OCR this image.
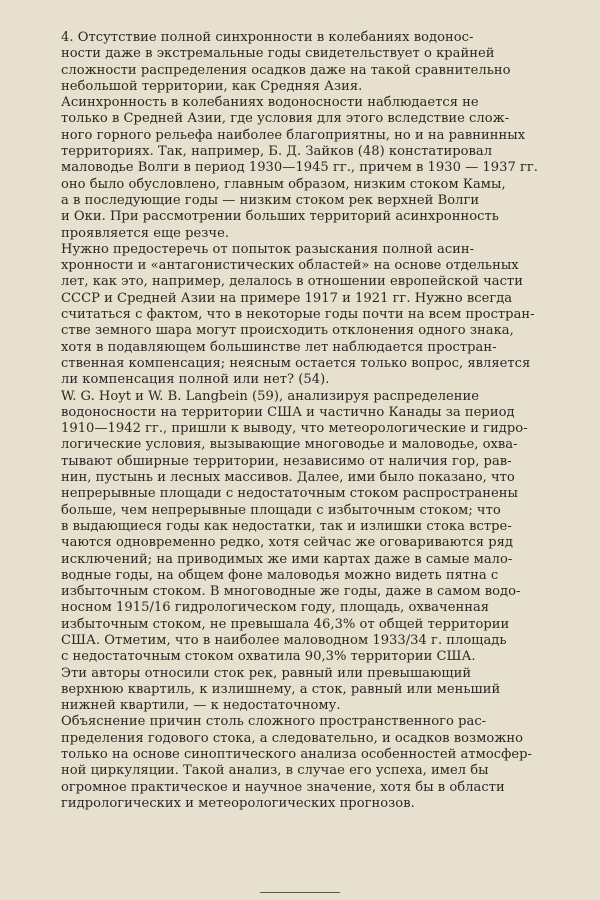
4. Отсутствие полной синхронности в колебаниях водонос-
ности даже в экстремальные годы свидетельствует о крайней
сложности распределения осадков даже на такой сравнительно
небольшой территории, как Средняя Азия.
Асинхронность в колебаниях водоносности наблюдается не
только в Средней Азии, где условия для этого вследствие слож-
ного горного рельефа наиболее благоприятны, но и на равнинных
территориях. Так, например, Б. Д. Зайков (48) констатировал
маловодье Волги в период 1930—1945 гг., причем в 1930 — 1937 гг.
оно было обусловлено, главным образом, низким стоком Камы,
а в последующие годы — низким стоком рек верхней Волги
и Оки. При рассмотрении больших территорий асинхронность
проявляется еще резче.
Нужно предостеречь от попыток разыскания полной асин-
хронности и «антагонистических областей» на основе отдельных
лет, как это, например, делалось в отношении европейской части
СССР и Средней Азии на примере 1917 и 1921 гг. Нужно всегда
считаться с фактом, что в некоторые годы почти на всем простран-
стве земного шара могут происходить отклонения одного знака,
хотя в подавляющем большинстве лет наблюдается простран-
ственная компенсация; неясным остается только вопрос, является
ли компенсация полной или нет? (54).
W. G. Hoyt и W. B. Langbein (59), анализируя распределение
водоносности на территории США и частично Канады за период
1910—1942 гг., пришли к выводу, что метеорологические и гидро-
логические условия, вызывающие многоводье и маловодье, охва-
тывают обширные территории, независимо от наличия гор, рав-
нин, пустынь и лесных массивов. Далее, ими было показано, что
непрерывные площади с недостаточным стоком распространены
больше, чем непрерывные площади с избыточным стоком; что
в выдающиеся годы как недостатки, так и излишки стока встре-
чаются одновременно редко, хотя сейчас же оговариваются ряд
исключений; на приводимых же ими картах даже в самые мало-
водные годы, на общем фоне маловодья можно видеть пятна с
избыточным стоком. В многоводные же годы, даже в самом водо-
носном 1915/16 гидрологическом году, площадь, охваченная
избыточным стоком, не превышала 46,3% от общей территории
США. Отметим, что в наиболее маловодном 1933/34 г. площадь
с недостаточным стоком охватила 90,3% территории США.
Эти авторы относили сток рек, равный или превышающий
верхнюю квартиль, к излишнему, а сток, равный или меньший
нижней квартили, — к недостаточному.
Объяснение причин столь сложного пространственного рас-
пределения годового стока, а следовательно, и осадков возможно
только на основе синоптического анализа особенностей атмосфер-
ной циркуляции. Такой анализ, в случае его успеха, имел бы
огромное практическое и научное значение, хотя бы в области
гидрологических и метеорологических прогнозов.
